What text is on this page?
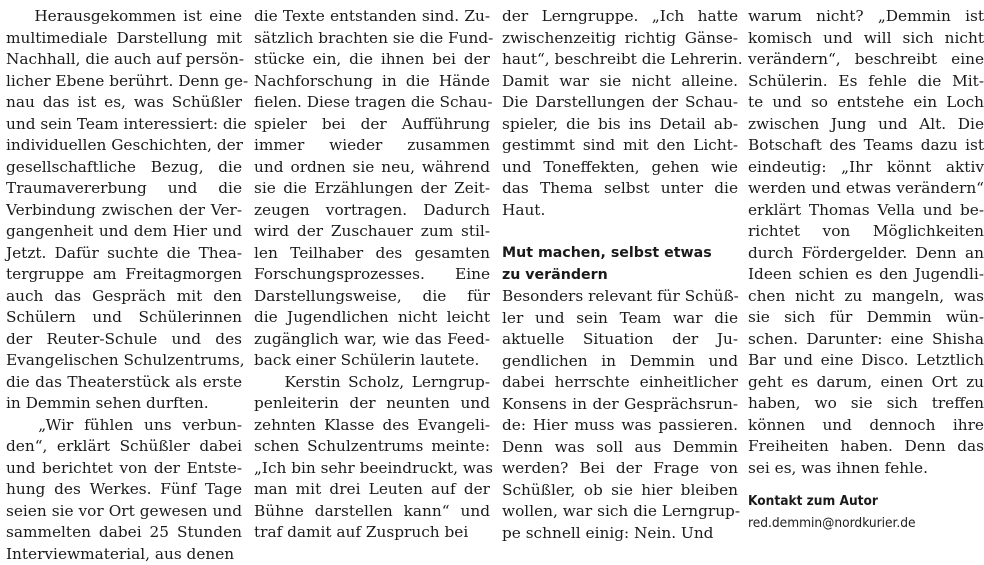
Herausgekommen ist eine
multimediale Darstellung mit
Nachhall, die auch auf persön-
licher Ebene berührt. Denn ge-
nau das ist es, was Schüßler
und sein Team interessiert: die
individuellen Geschichten, der
gesellschaftliche Bezug, die
Traumavererbung und die
Verbindung zwischen der Ver-
gangenheit und dem Hier und
Jetzt. Dafür suchte die Thea-
tergruppe am Freitagmorgen
auch das Gespräch mit den
Schülern und Schülerinnen
der Reuter-Schule und des
Evangelischen Schulzentrums,
die das Theaterstück als erste
in Demmin sehen durften.
„Wir fühlen uns verbun-
den“, erklärt Schüßler dabei
und berichtet von der Entste-
hung des Werkes. Fünf Tage
seien sie vor Ort gewesen und
sammelten dabei 25 Stunden
Interviewmaterial, aus denen
die Texte entstanden sind. Zu-
sätzlich brachten sie die Fund-
stücke ein, die ihnen bei der
Nachforschung in die Hände
fielen. Diese tragen die Schau-
spieler bei der Aufführung
immer wieder zusammen
und ordnen sie neu, während
sie die Erzählungen der Zeit-
zeugen vortragen. Dadurch
wird der Zuschauer zum stil-
len Teilhaber des gesamten
Forschungsprozesses. Eine
Darstellungsweise, die für
die Jugendlichen nicht leicht
zugänglich war, wie das Feed-
back einer Schülerin lautete.
Kerstin Scholz, Lerngrup-
penleiterin der neunten und
zehnten Klasse des Evangeli-
schen Schulzentrums meinte:
„Ich bin sehr beeindruckt, was
man mit drei Leuten auf der
Bühne darstellen kann“ und
traf damit auf Zuspruch bei
der Lerngruppe. „Ich hatte
zwischenzeitig richtig Gänse-
haut“, beschreibt die Lehrerin.
Damit war sie nicht alleine.
Die Darstellungen der Schau-
spieler, die bis ins Detail ab-
gestimmt sind mit den Licht-
und Toneffekten, gehen wie
das Thema selbst unter die
Haut.
Mut machen, selbst etwas
zu verändern
Besonders relevant für Schüß-
ler und sein Team war die
aktuelle Situation der Ju-
gendlichen in Demmin und
dabei herrschte einheitlicher
Konsens in der Gesprächsrun-
de: Hier muss was passieren.
Denn was soll aus Demmin
werden? Bei der Frage von
Schüßler, ob sie hier bleiben
wollen, war sich die Lerngrup-
pe schnell einig: Nein. Und
warum nicht? „Demmin ist
komisch und will sich nicht
verändern“, beschreibt eine
Schülerin. Es fehle die Mit-
te und so entstehe ein Loch
zwischen Jung und Alt. Die
Botschaft des Teams dazu ist
eindeutig: „Ihr könnt aktiv
werden und etwas verändern“
erklärt Thomas Vella und be-
richtet von Möglichkeiten
durch Fördergelder. Denn an
Ideen schien es den Jugendli-
chen nicht zu mangeln, was
sie sich für Demmin wün-
schen. Darunter: eine Shisha
Bar und eine Disco. Letztlich
geht es darum, einen Ort zu
haben, wo sie sich treffen
können und dennoch ihre
Freiheiten haben. Denn das
sei es, was ihnen fehle.
Kontakt zum Autor
red.demmin@nordkurier.de
